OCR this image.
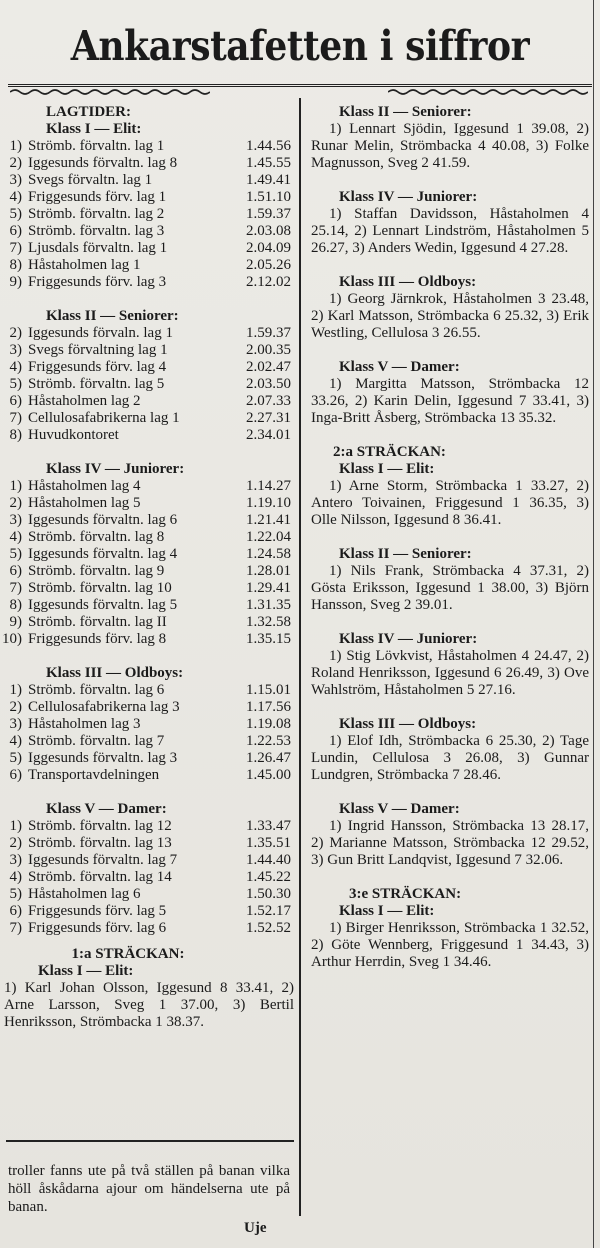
Ankarstafetten i siffror
LAGTIDER:
Klass I — Elit:
1) Strömb. förvaltn. lag 1	1.44.56
2) Iggesunds förvaltn. lag 8	1.45.55
3) Svegs förvaltn. lag 1	1.49.41
4) Friggesunds förv. lag 1	1.51.10
5) Strömb. förvaltn. lag 2	1.59.37
6) Strömb. förvaltn. lag 3	2.03.08
7) Ljusdals förvaltn. lag 1	2.04.09
8) Håstaholmen lag 1	2.05.26
9) Friggesunds förv. lag 3	2.12.02
Klass II — Seniorer:
2) Iggesunds förvaln. lag 1	1.59.37
3) Svegs förvaltning lag 1	2.00.35
4) Friggesunds förv. lag 4	2.02.47
5) Strömb. förvaltn. lag 5	2.03.50
6) Håstaholmen lag 2	2.07.33
7) Cellulosafabrikerna lag 1	2.27.31
8) Huvudkontoret	2.34.01
Klass IV — Juniorer:
1) Håstaholmen lag 4	1.14.27
2) Håstaholmen lag 5	1.19.10
3) Iggesunds förvaltn. lag 6	1.21.41
4) Strömb. förvaltn. lag 8	1.22.04
5) Iggesunds förvaltn. lag 4	1.24.58
6) Strömb. förvaltn. lag 9	1.28.01
7) Strömb. förvaltn. lag 10	1.29.41
8) Iggesunds förvaltn. lag 5	1.31.35
9) Strömb. förvaltn. lag II	1.32.58
10) Friggesunds förv. lag 8	1.35.15
Klass III — Oldboys:
1) Strömb. förvaltn. lag 6	1.15.01
2) Cellulosafabrikerna lag 3	1.17.56
3) Håstaholmen lag 3	1.19.08
4) Strömb. förvaltn. lag 7	1.22.53
5) Iggesunds förvaltn. lag 3	1.26.47
6) Transportavdelningen	1.45.00
Klass V — Damer:
1) Strömb. förvaltn. lag 12	1.33.47
2) Strömb. förvaltn. lag 13	1.35.51
3) Iggesunds förvaltn. lag 7	1.44.40
4) Strömb. förvaltn. lag 14	1.45.22
5) Håstaholmen lag 6	1.50.30
6) Friggesunds förv. lag 5	1.52.17
7) Friggesunds förv. lag 6	1.52.52
1:a STRÄCKAN:
Klass I — Elit:
1) Karl Johan Olsson, Iggesund 8 33.41, 2) Arne Larsson, Sveg 1 37.00, 3) Bertil Henriksson, Strömbacka 1 38.37.
troller fanns ute på två ställen på banan vilka höll åskådarna ajour om händelserna ute på banan.
Uje
Klass II — Seniorer:
1) Lennart Sjödin, Iggesund 1 39.08, 2) Runar Melin, Strömbacka 4 40.08, 3) Folke Magnusson, Sveg 2 41.59.
Klass IV — Juniorer:
1) Staffan Davidsson, Håstaholmen 4 25.14, 2) Lennart Lindström, Håstaholmen 5 26.27, 3) Anders Wedin, Iggesund 4 27.28.
Klass III — Oldboys:
1) Georg Järnkrok, Håstaholmen 3 23.48, 2) Karl Matsson, Strömbacka 6 25.32, 3) Erik Westling, Cellulosa 3 26.55.
Klass V — Damer:
1) Margitta Matsson, Strömbacka 12 33.26, 2) Karin Delin, Iggesund 7 33.41, 3) Inga-Britt Åsberg, Strömbacka 13 35.32.
2:a STRÄCKAN:
Klass I — Elit:
1) Arne Storm, Strömbacka 1 33.27, 2) Antero Toivainen, Friggesund 1 36.35, 3) Olle Nilsson, Iggesund 8 36.41.
Klass II — Seniorer:
1) Nils Frank, Strömbacka 4 37.31, 2) Gösta Eriksson, Iggesund 1 38.00, 3) Björn Hansson, Sveg 2 39.01.
Klass IV — Juniorer:
1) Stig Lövkvist, Håstaholmen 4 24.47, 2) Roland Henriksson, Iggesund 6 26.49, 3) Ove Wahlström, Håstaholmen 5 27.16.
Klass III — Oldboys:
1) Elof Idh, Strömbacka 6 25.30, 2) Tage Lundin, Cellulosa 3 26.08, 3) Gunnar Lundgren, Strömbacka 7 28.46.
Klass V — Damer:
1) Ingrid Hansson, Strömbacka 13 28.17, 2) Marianne Matsson, Strömbacka 12 29.52, 3) Gun Britt Landqvist, Iggesund 7 32.06.
3:e STRÄCKAN:
Klass I — Elit:
1) Birger Henriksson, Strömbacka 1 32.52, 2) Göte Wennberg, Friggesund 1 34.43, 3) Arthur Herrdin, Sveg 1 34.46.
